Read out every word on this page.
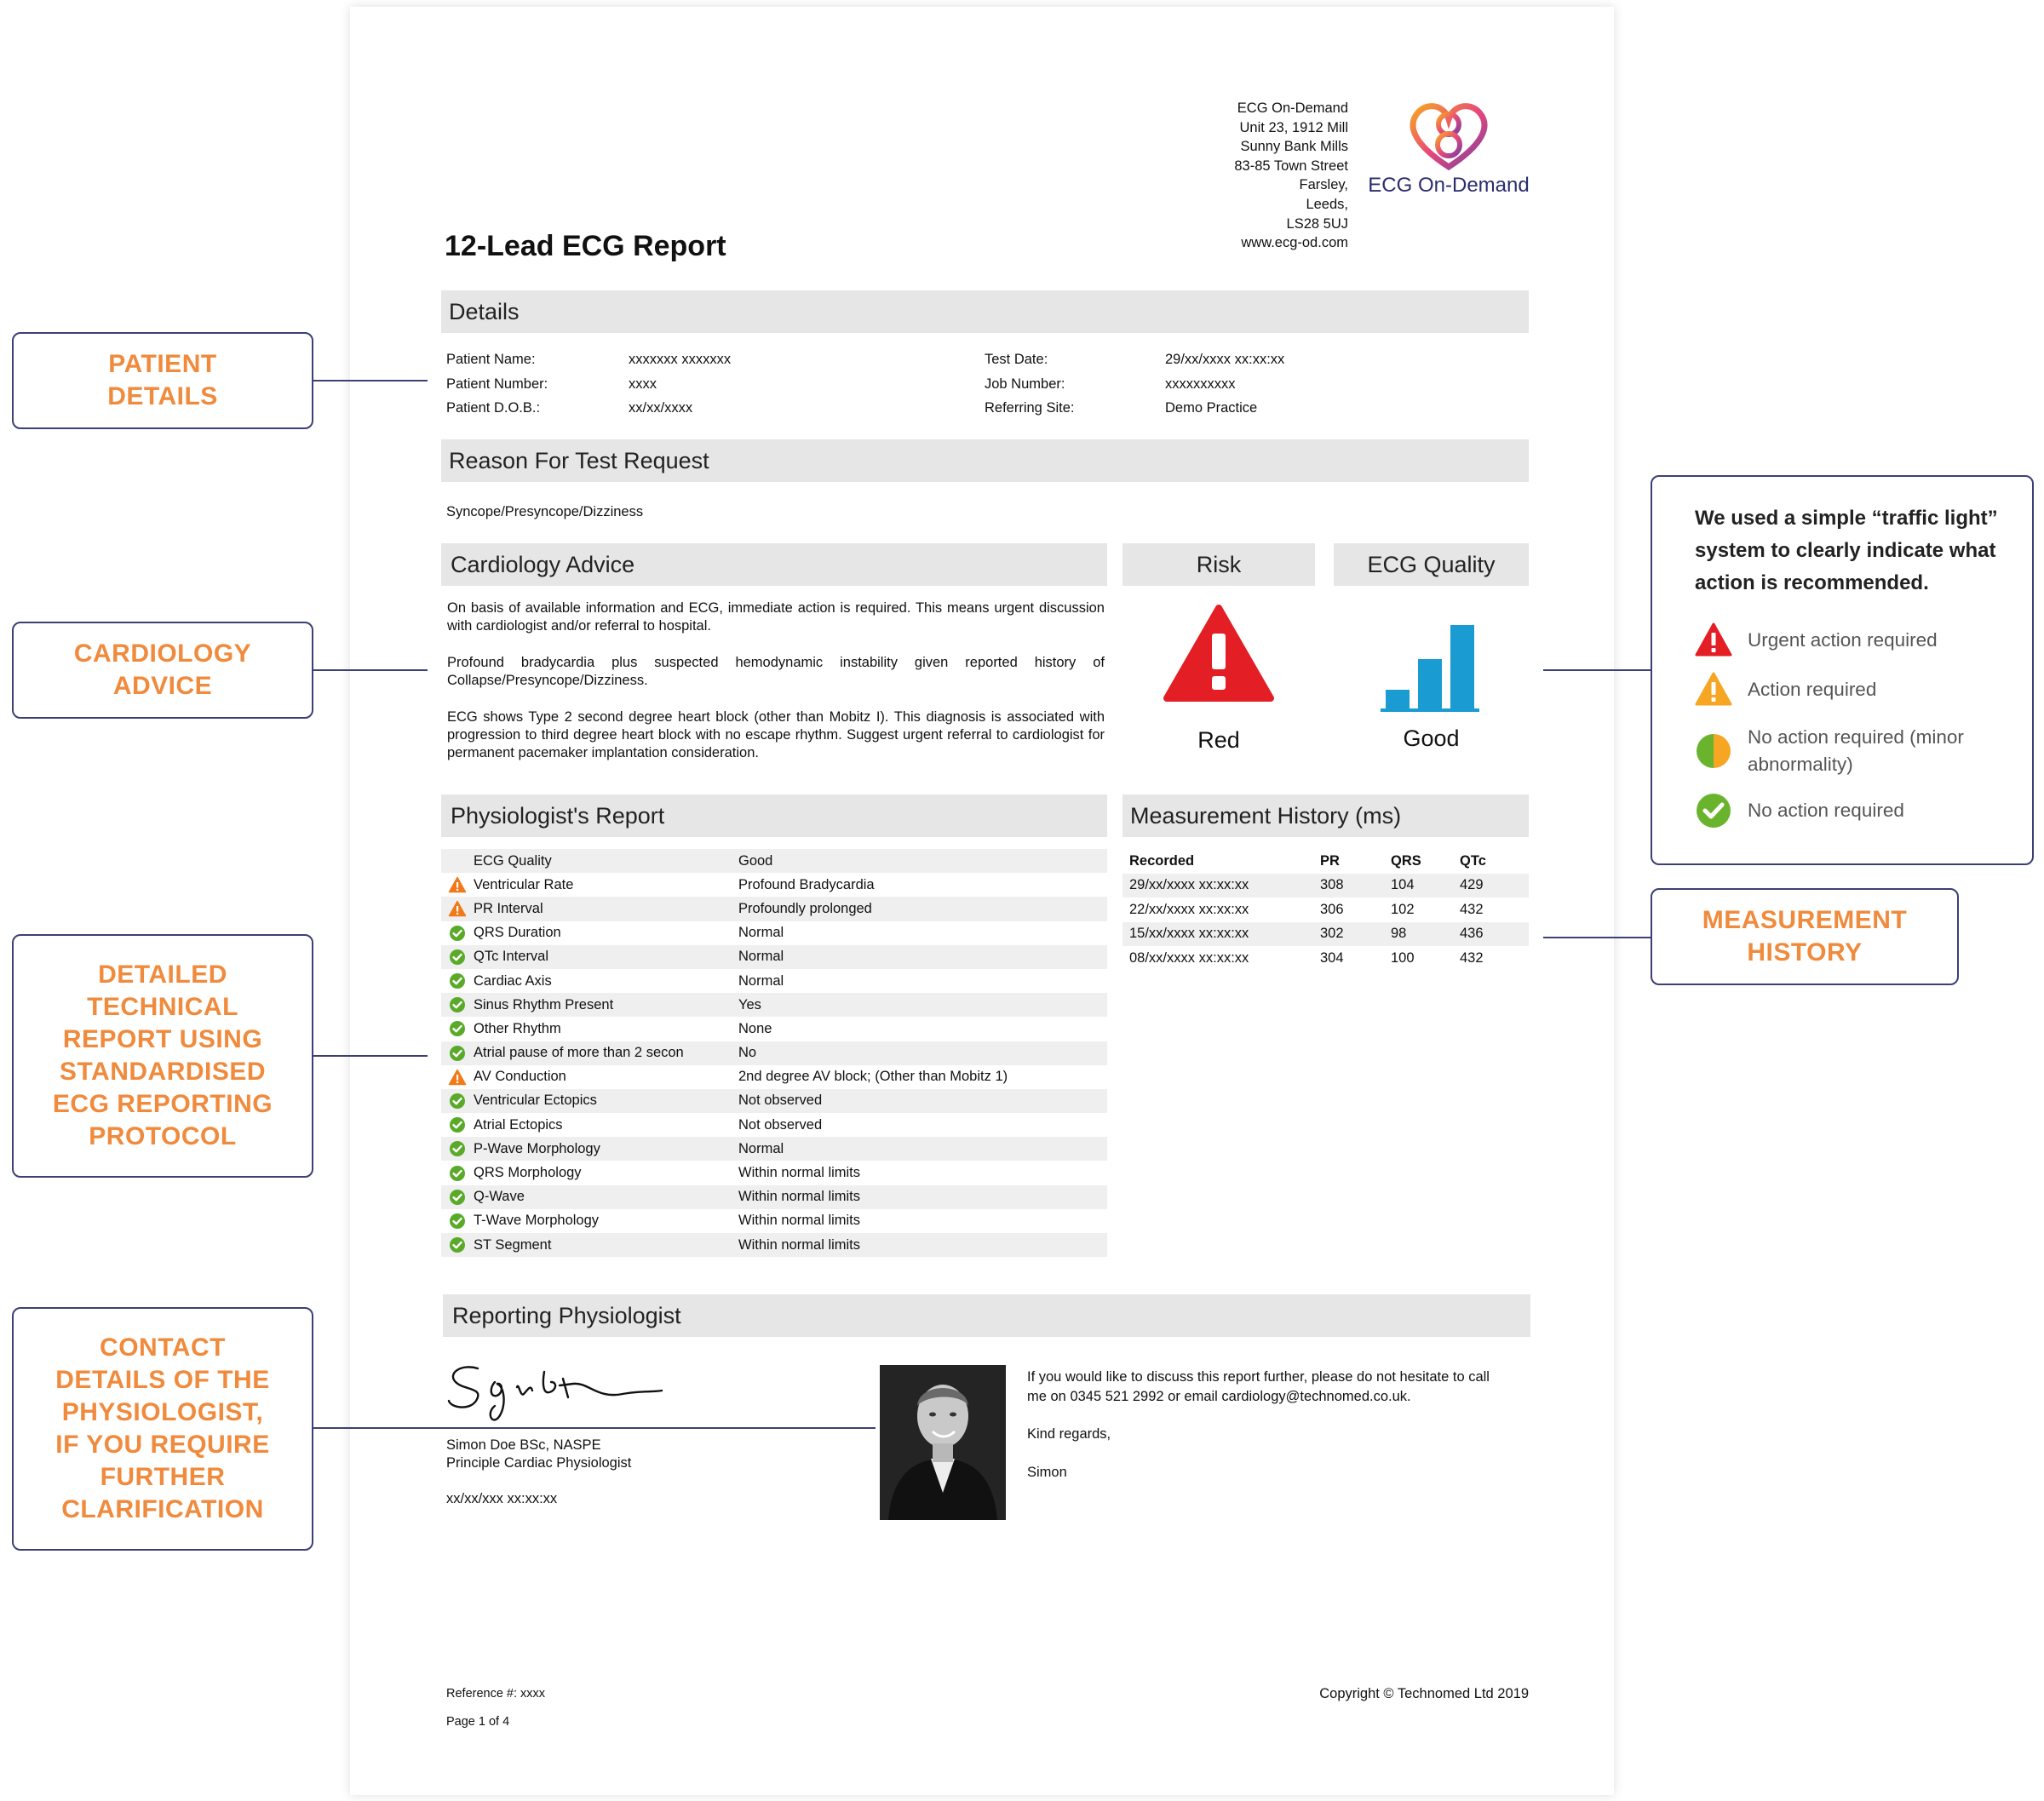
12-Lead ECG Report
ECG On-Demand
Unit 23, 1912 Mill
Sunny Bank Mills
83-85 Town Street
Farsley,
Leeds,
LS28 5UJ
www.ecg-od.com
ECG On-Demand
Details
Patient Name:	xxxxxxx xxxxxxx
Patient Number:	xxxx
Patient D.O.B.:	xx/xx/xxxx
Test Date:	29/xx/xxxx xx:xx:xx
Job Number:	xxxxxxxxxx
Referring Site:	Demo Practice
Reason For Test Request
Syncope/Presyncope/Dizziness
Cardiology Advice

On basis of available information and ECG, immediate action is required. This means urgent discussion with cardiologist and/or referral to hospital.

Profound bradycardia plus suspected hemodynamic instability given reported history of Collapse/Presyncope/Dizziness.

ECG shows Type 2 second degree heart block (other than Mobitz I). This diagnosis is associated with progression to third degree heart block with no escape rhythm. Suggest urgent referral to cardiologist for permanent pacemaker implantation consideration.

Risk
Red
ECG Quality
Good
Physiologist's Report
	ECG Quality	Good

	Ventricular Rate	Profound Bradycardia

	PR Interval	Profoundly prolonged

	QRS Duration	Normal

	QTc Interval	Normal

	Cardiac Axis	Normal

	Sinus Rhythm Present	Yes

	Other Rhythm	None

	Atrial pause of more than 2 secon	No

	AV Conduction	2nd degree AV block; (Other than Mobitz 1)

	Ventricular Ectopics	Not observed

	Atrial Ectopics	Not observed

	P-Wave Morphology	Normal

	QRS Morphology	Within normal limits

	Q-Wave	Within normal limits

	T-Wave Morphology	Within normal limits

	ST Segment	Within normal limits
Measurement History (ms)
Recorded	PR	QRS	QTc
29/xx/xxxx xx:xx:xx	308	104	429
22/xx/xxxx xx:xx:xx	306	102	432
15/xx/xxxx xx:xx:xx	302	98	436
08/xx/xxxx xx:xx:xx	304	100	432
Reporting Physiologist
Simon Doe BSc, NASPE
Principle Cardiac Physiologist
xx/xx/xxx xx:xx:xx
If you would like to discuss this report further, please do not hesitate to call me on 0345 521 2992 or email cardiology@technomed.co.uk.
Kind regards,
Simon
Reference #: xxxx
Page 1 of 4
Copyright © Technomed Ltd 2019
PATIENT
DETAILS
CARDIOLOGY
ADVICE
DETAILED
TECHNICAL
REPORT USING
STANDARDISED
ECG REPORTING
PROTOCOL
CONTACT
DETAILS OF THE
PHYSIOLOGIST,
IF YOU REQUIRE
FURTHER
CLARIFICATION
We used a simple “traffic light” system to clearly indicate what action is recommended.
Urgent action required
Action required
No action required (minor abnormality)
No action required
MEASUREMENT
HISTORY
